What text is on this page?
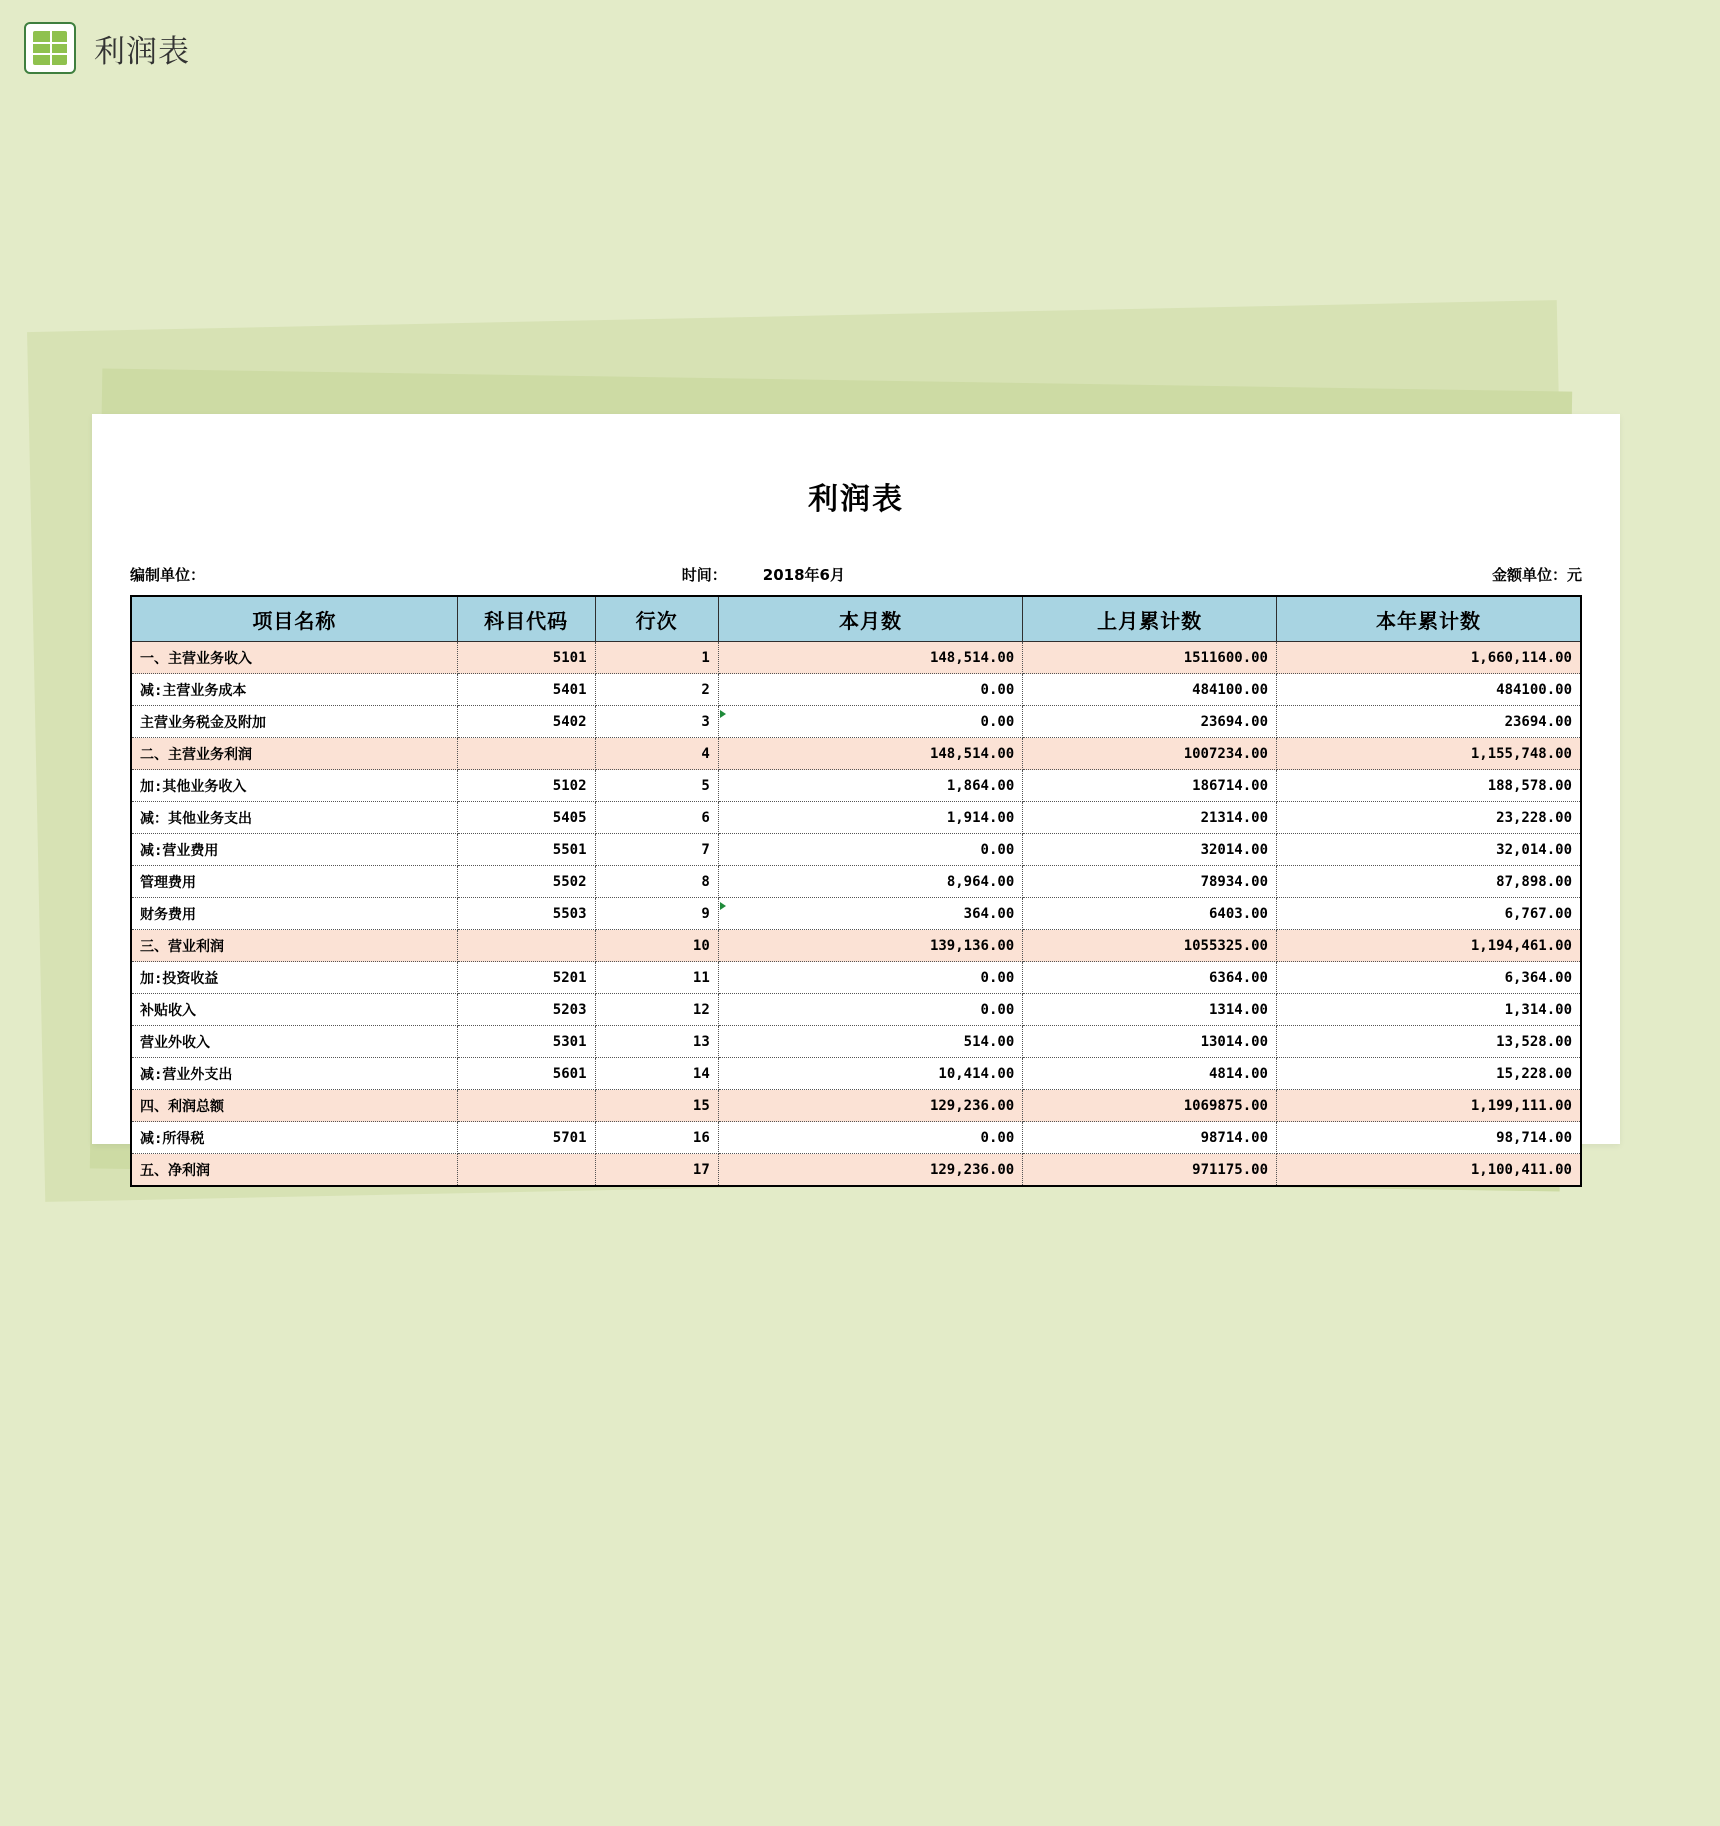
利润表
利润表
编制单位：	时间： 2018年6月	金额单位：元
项目名称	科目代码	行次	本月数	上月累计数	本年累计数
一、主营业务收入	5101	1	148,514.00	1511600.00	1,660,114.00
减:主营业务成本	5401	2	0.00	484100.00	484100.00
主营业务税金及附加	5402	3	0.00	23694.00	23694.00
二、主营业务利润		4	148,514.00	1007234.00	1,155,748.00
加:其他业务收入	5102	5	1,864.00	186714.00	188,578.00
减：其他业务支出	5405	6	1,914.00	21314.00	23,228.00
减:营业费用	5501	7	0.00	32014.00	32,014.00
管理费用	5502	8	8,964.00	78934.00	87,898.00
财务费用	5503	9	364.00	6403.00	6,767.00
三、营业利润		10	139,136.00	1055325.00	1,194,461.00
加:投资收益	5201	11	0.00	6364.00	6,364.00
补贴收入	5203	12	0.00	1314.00	1,314.00
营业外收入	5301	13	514.00	13014.00	13,528.00
减:营业外支出	5601	14	10,414.00	4814.00	15,228.00
四、利润总额		15	129,236.00	1069875.00	1,199,111.00
减:所得税	5701	16	0.00	98714.00	98,714.00
五、净利润		17	129,236.00	971175.00	1,100,411.00
